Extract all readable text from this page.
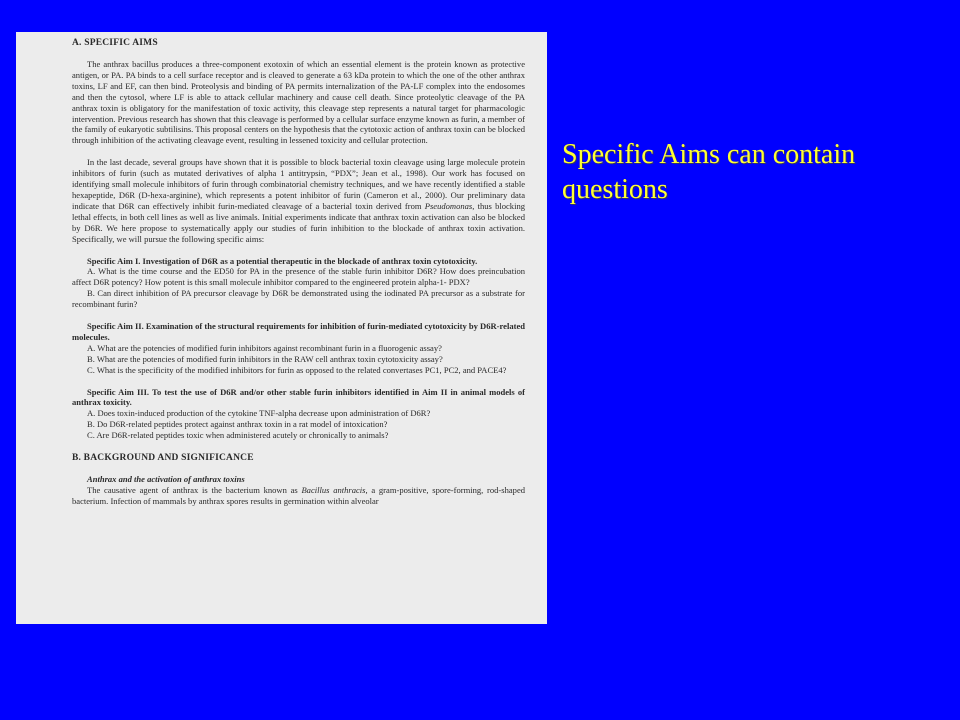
A. SPECIFIC AIMS

The anthrax bacillus produces a three-component exotoxin of which an essential element is the protein known as protective antigen, or PA. PA binds to a cell surface receptor and is cleaved to generate a 63 kDa protein to which the one of the other anthrax toxins, LF and EF, can then bind. Proteolysis and binding of PA permits internalization of the PA-LF complex into the endosomes and then the cytosol, where LF is able to attack cellular machinery and cause cell death. Since proteolytic cleavage of the PA anthrax toxin is obligatory for the manifestation of toxic activity, this cleavage step represents a natural target for pharmacologic intervention. Previous research has shown that this cleavage is performed by a cellular surface enzyme known as furin, a member of the family of eukaryotic subtilisins. This proposal centers on the hypothesis that the cytotoxic action of anthrax toxin can be blocked through inhibition of the activating cleavage event, resulting in lessened toxicity and cellular protection.

In the last decade, several groups have shown that it is possible to block bacterial toxin cleavage using large molecule protein inhibitors of furin (such as mutated derivatives of alpha 1 antitrypsin, “PDX”; Jean et al., 1998). Our work has focused on identifying small molecule inhibitors of furin through combinatorial chemistry techniques, and we have recently identified a stable hexapeptide, D6R (D-hexa-arginine), which represents a potent inhibitor of furin (Cameron et al., 2000). Our preliminary data indicate that D6R can effectively inhibit furin-mediated cleavage of a bacterial toxin derived from Pseudomonas, thus blocking lethal effects, in both cell lines as well as live animals. Initial experiments indicate that anthrax toxin activation can also be blocked by D6R. We here propose to systematically apply our studies of furin inhibition to the blockade of anthrax toxin activation. Specifically, we will pursue the following specific aims:

Specific Aim I. Investigation of D6R as a potential therapeutic in the blockade of anthrax toxin cytotoxicity.

A. What is the time course and the ED50 for PA in the presence of the stable furin inhibitor D6R? How does preincubation affect D6R potency? How potent is this small molecule inhibitor compared to the engineered protein alpha-1- PDX?

B. Can direct inhibition of PA precursor cleavage by D6R be demonstrated using the iodinated PA precursor as a substrate for recombinant furin?

Specific Aim II. Examination of the structural requirements for inhibition of furin-mediated cytotoxicity by D6R-related molecules.

A. What are the potencies of modified furin inhibitors against recombinant furin in a fluorogenic assay?

B. What are the potencies of modified furin inhibitors in the RAW cell anthrax toxin cytotoxicity assay?

C. What is the specificity of the modified inhibitors for furin as opposed to the related convertases PC1, PC2, and PACE4?

Specific Aim III. To test the use of D6R and/or other stable furin inhibitors identified in Aim II in animal models of anthrax toxicity.

A. Does toxin-induced production of the cytokine TNF-alpha decrease upon administration of D6R?

B. Do D6R-related peptides protect against anthrax toxin in a rat model of intoxication?

C. Are D6R-related peptides toxic when administered acutely or chronically to animals?

B. BACKGROUND AND SIGNIFICANCE

Anthrax and the activation of anthrax toxins

The causative agent of anthrax is the bacterium known as Bacillus anthracis, a gram-positive, spore-forming, rod-shaped bacterium. Infection of mammals by anthrax spores results in germination within alveolar

Specific Aims can contain questions
